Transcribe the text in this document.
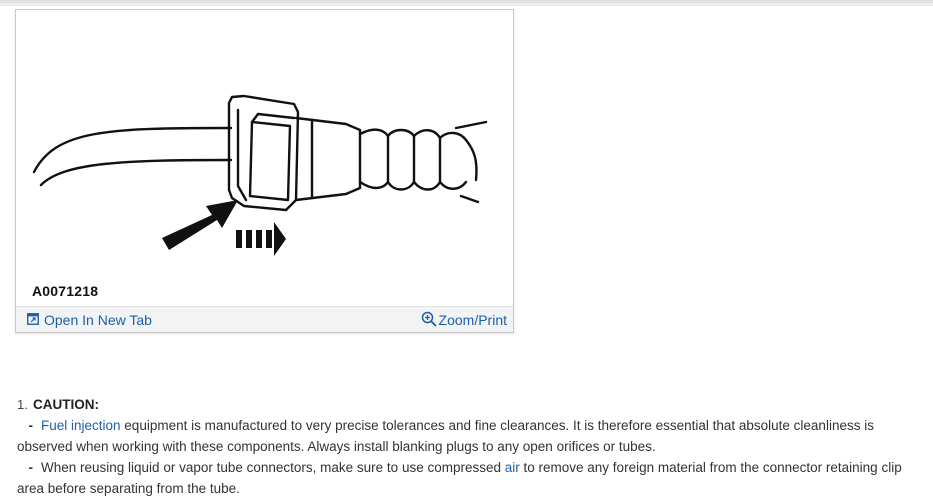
A0071218
Open In New Tab	Zoom/Print
1. CAUTION:
- Fuel injection equipment is manufactured to very precise tolerances and fine clearances. It is therefore essential that absolute cleanliness is observed when working with these components. Always install blanking plugs to any open orifices or tubes.
- When reusing liquid or vapor tube connectors, make sure to use compressed air to remove any foreign material from the connector retaining clip area before separating from the tube.
